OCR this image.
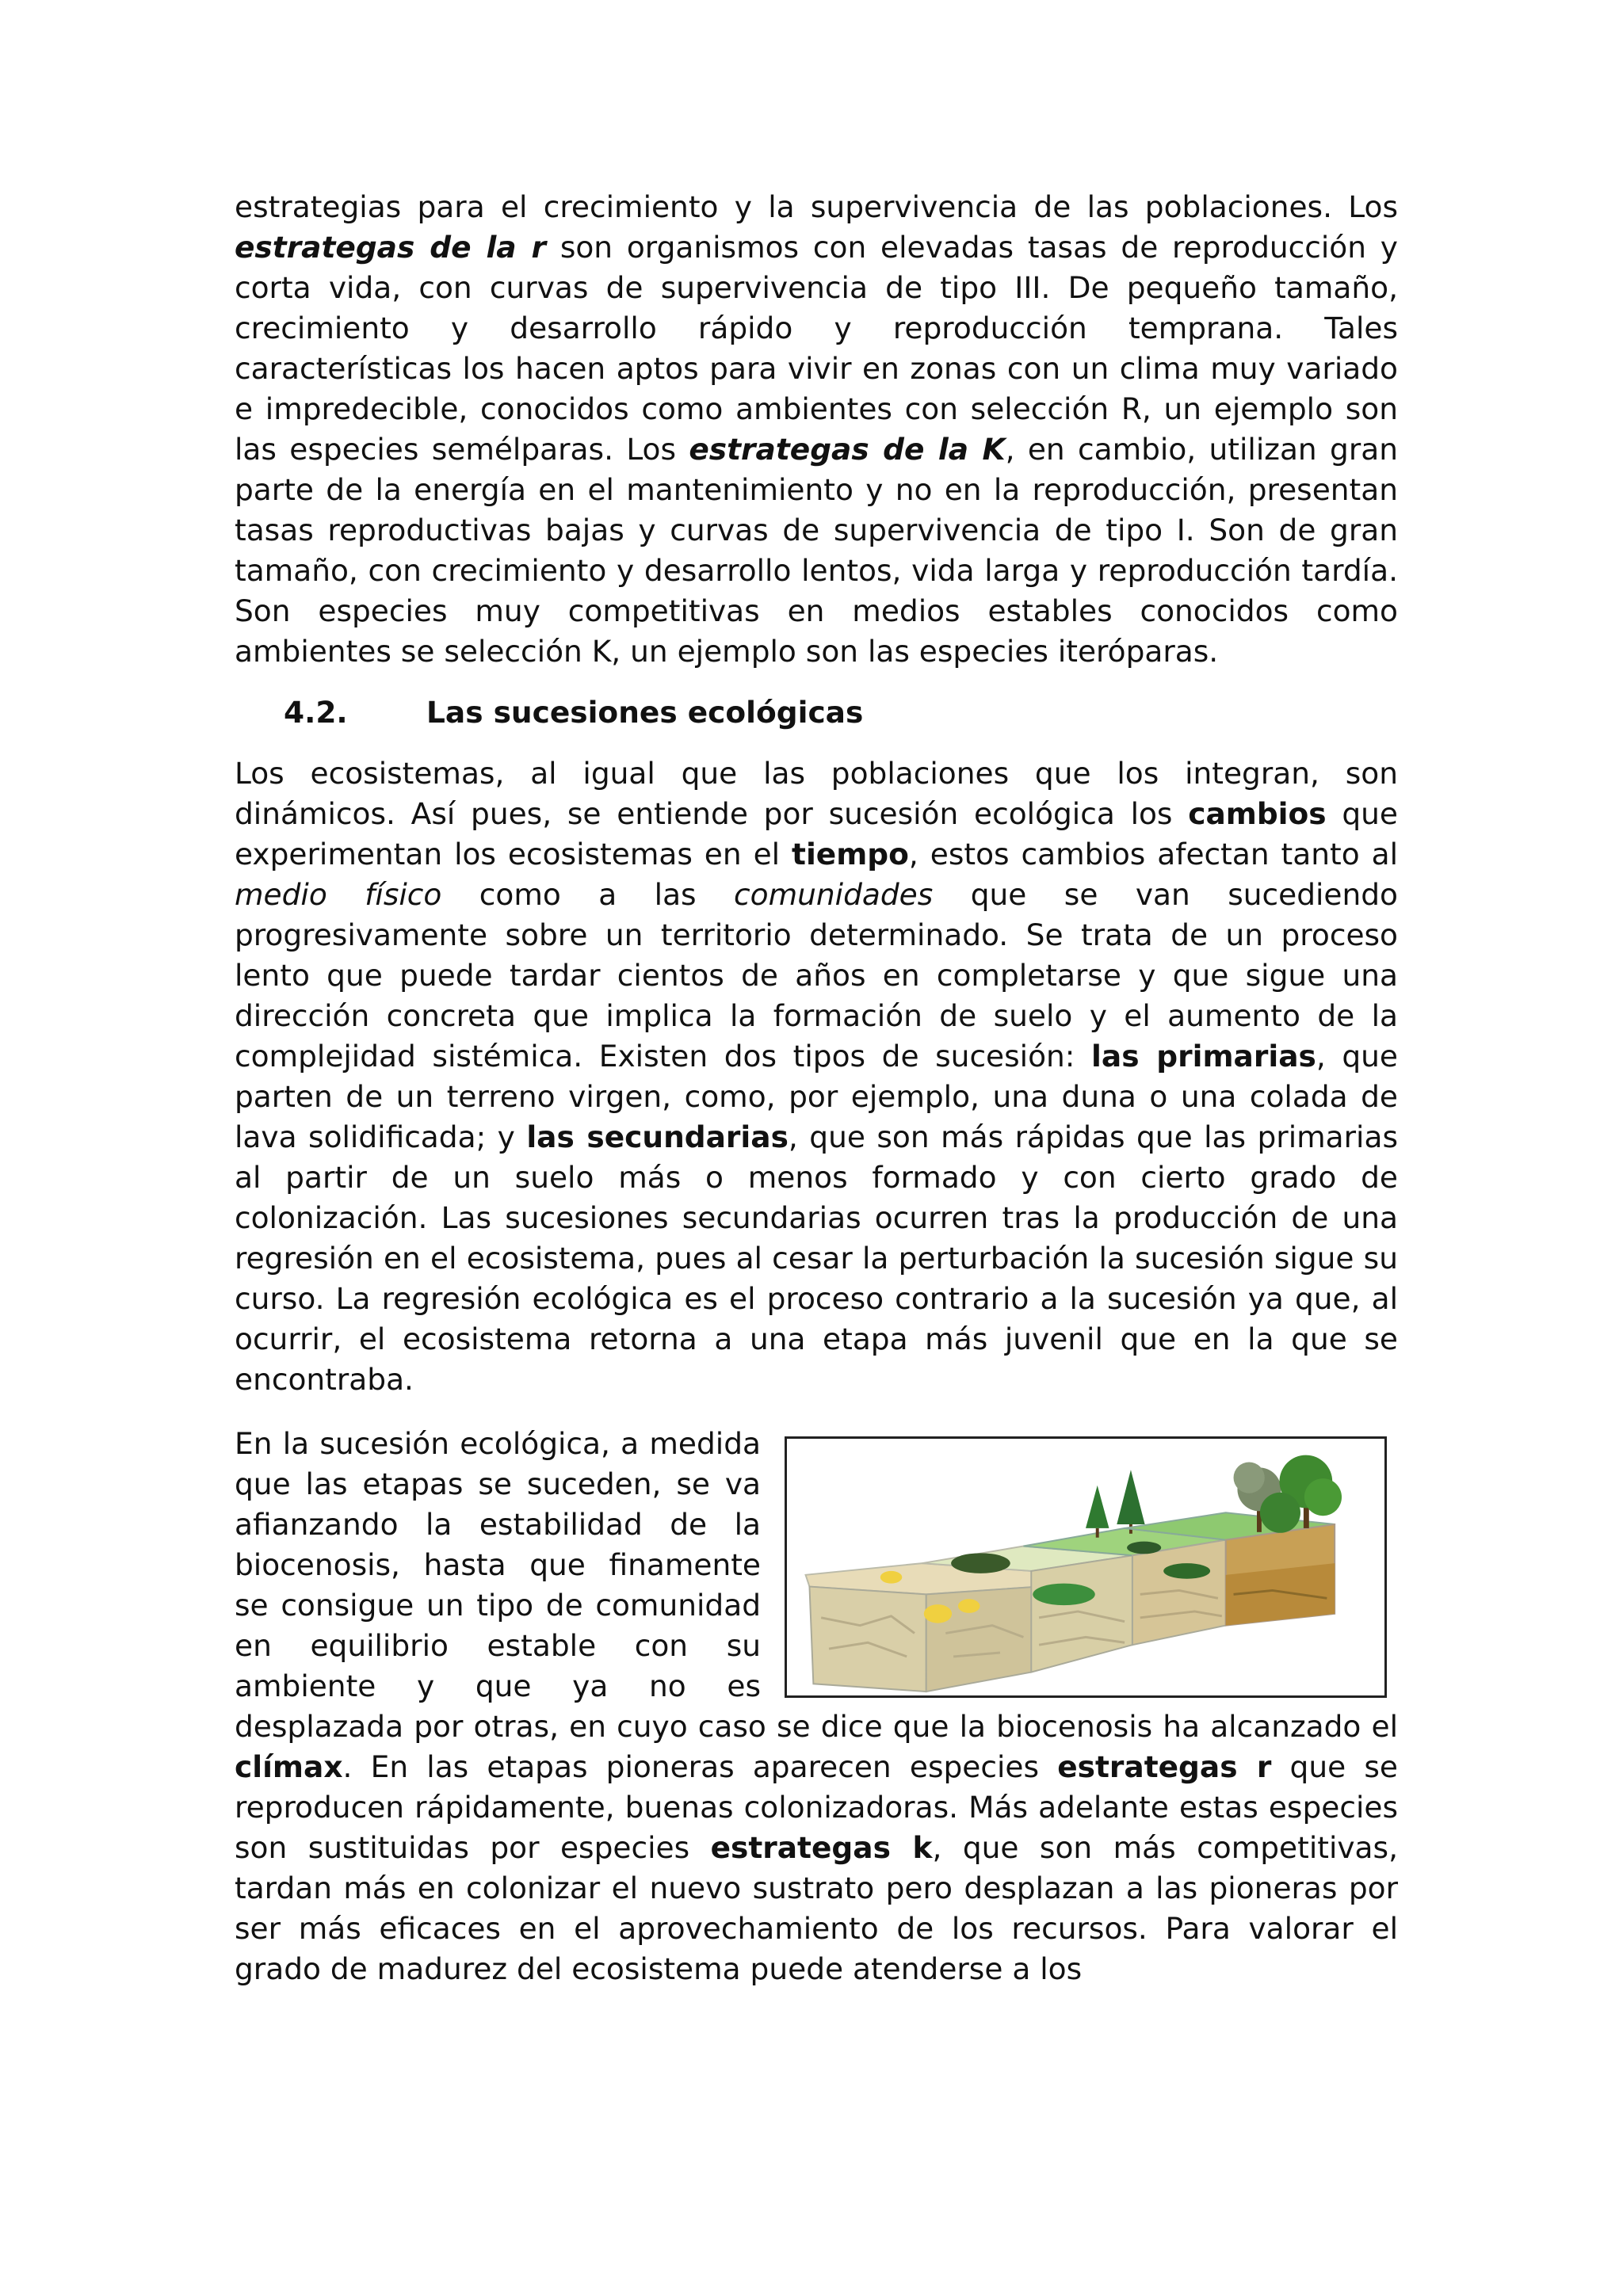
estrategias para el crecimiento y la supervivencia de las poblaciones. Los estrategas de la r son organismos con elevadas tasas de reproducción y corta vida, con curvas de supervivencia de tipo III. De pequeño tamaño, crecimiento y desarrollo rápido y reproducción temprana. Tales características los hacen aptos para vivir en zonas con un clima muy variado e impredecible, conocidos como ambientes con selección R, un ejemplo son las especies semélparas. Los estrategas de la K, en cambio, utilizan gran parte de la energía en el mantenimiento y no en la reproducción, presentan tasas reproductivas bajas y curvas de supervivencia de tipo I. Son de gran tamaño, con crecimiento y desarrollo lentos, vida larga y reproducción tardía. Son especies muy competitivas en medios estables conocidos como ambientes se selección K, un ejemplo son las especies iteróparas.

4.2.	Las sucesiones ecológicas

Los ecosistemas, al igual que las poblaciones que los integran, son dinámicos. Así pues, se entiende por sucesión ecológica los cambios que experimentan los ecosistemas en el tiempo, estos cambios afectan tanto al medio físico como a las comunidades que se van sucediendo progresivamente sobre un territorio determinado. Se trata de un proceso lento que puede tardar cientos de años en completarse y que sigue una dirección concreta que implica la formación de suelo y el aumento de la complejidad sistémica. Existen dos tipos de sucesión: las primarias, que parten de un terreno virgen, como, por ejemplo, una duna o una colada de lava solidificada; y las secundarias, que son más rápidas que las primarias al partir de un suelo más o menos formado y con cierto grado de colonización. Las sucesiones secundarias ocurren tras la producción de una regresión en el ecosistema, pues al cesar la perturbación la sucesión sigue su curso. La regresión ecológica es el proceso contrario a la sucesión ya que, al ocurrir, el ecosistema retorna a una etapa más juvenil que en la que se encontraba.

En la sucesión ecológica, a medida que las etapas se suceden, se va afianzando la estabilidad de la biocenosis, hasta que finamente se consigue un tipo de comunidad en equilibrio estable con su ambiente y que ya no es desplazada por otras, en cuyo caso se dice que la biocenosis ha alcanzado el clímax. En las etapas pioneras aparecen especies estrategas r que se reproducen rápidamente, buenas colonizadoras. Más adelante estas especies son sustituidas por especies estrategas k, que son más competitivas, tardan más en colonizar el nuevo sustrato pero desplazan a las pioneras por ser más eficaces en el aprovechamiento de los recursos. Para valorar el grado de madurez del ecosistema puede atenderse a los
